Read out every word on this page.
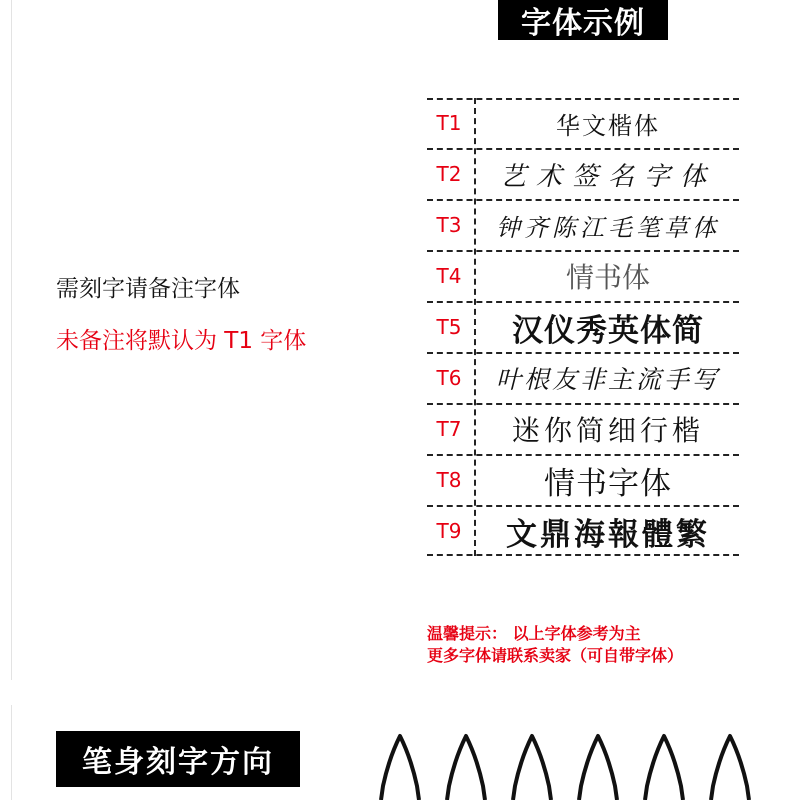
字体示例
需刻字请备注字体
未备注将默认为 T1 字体
T1	华文楷体
T2	艺术签名字体
T3	钟齐陈江毛笔草体
T4	情书体
T5	汉仪秀英体简
T6	叶根友非主流手写
T7	迷你简细行楷
T8	情书字体
T9	文鼎海報體繁
温馨提示： 以上字体参考为主
更多字体请联系卖家（可自带字体）
笔身刻字方向
